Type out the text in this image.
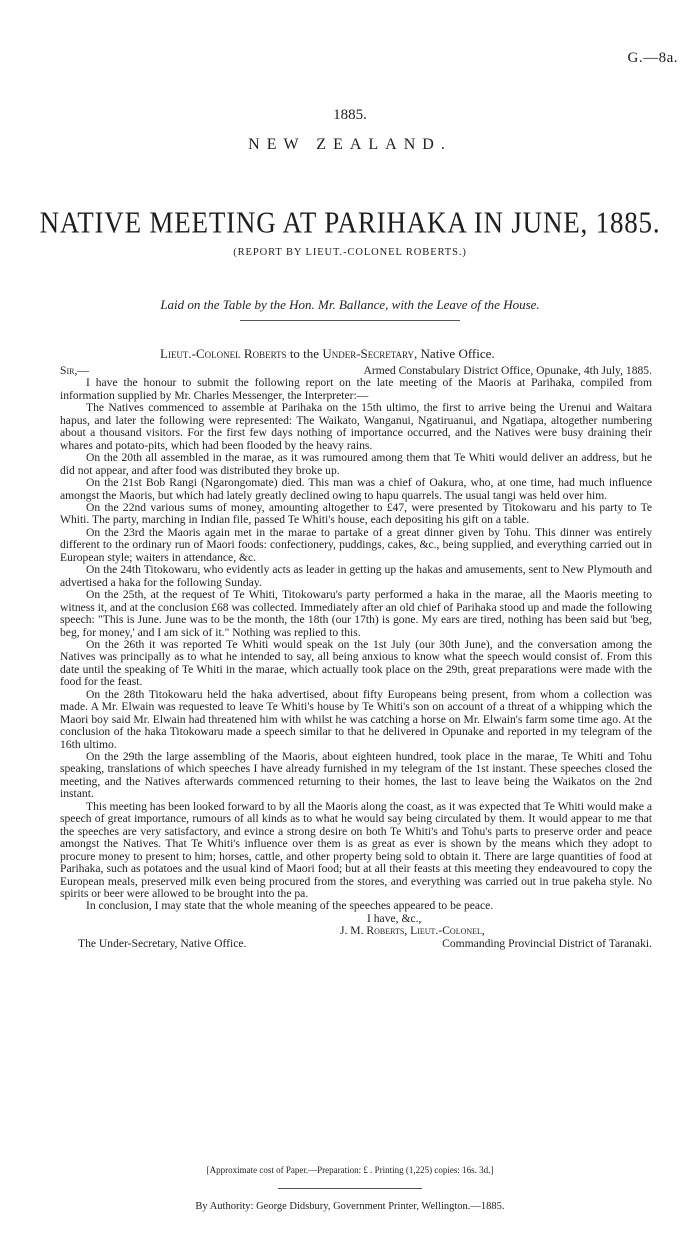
G.—8a.
1885.
NEW ZEALAND.
NATIVE MEETING AT PARIHAKA IN JUNE, 1885.
(REPORT BY LIEUT.-COLONEL ROBERTS.)
Laid on the Table by the Hon. Mr. Ballance, with the Leave of the House.
Lieut.-Colonel Roberts to the Under-Secretary, Native Office.
Sir,—	Armed Constabulary District Office, Opunake, 4th July, 1885.

I have the honour to submit the following report on the late meeting of the Maoris at Parihaka, compiled from information supplied by Mr. Charles Messenger, the Interpreter:—

The Natives commenced to assemble at Parihaka on the 15th ultimo, the first to arrive being the Urenui and Waitara hapus, and later the following were represented: The Waikato, Wanganui, Ngatiruanui, and Ngatiapa, altogether numbering about a thousand visitors. For the first few days nothing of importance occurred, and the Natives were busy draining their whares and potato-pits, which had been flooded by the heavy rains.

On the 20th all assembled in the marae, as it was rumoured among them that Te Whiti would deliver an address, but he did not appear, and after food was distributed they broke up.

On the 21st Bob Rangi (Ngarongomate) died. This man was a chief of Oakura, who, at one time, had much influence amongst the Maoris, but which had lately greatly declined owing to hapu quarrels. The usual tangi was held over him.

On the 22nd various sums of money, amounting altogether to £47, were presented by Titokowaru and his party to Te Whiti. The party, marching in Indian file, passed Te Whiti's house, each depositing his gift on a table.

On the 23rd the Maoris again met in the marae to partake of a great dinner given by Tohu. This dinner was entirely different to the ordinary run of Maori foods: confectionery, puddings, cakes, &c., being supplied, and everything carried out in European style; waiters in attendance, &c.

On the 24th Titokowaru, who evidently acts as leader in getting up the hakas and amusements, sent to New Plymouth and advertised a haka for the following Sunday.

On the 25th, at the request of Te Whiti, Titokowaru's party performed a haka in the marae, all the Maoris meeting to witness it, and at the conclusion £68 was collected. Immediately after an old chief of Parihaka stood up and made the following speech: "This is June. June was to be the month, the 18th (our 17th) is gone. My ears are tired, nothing has been said but 'beg, beg, for money,' and I am sick of it." Nothing was replied to this.

On the 26th it was reported Te Whiti would speak on the 1st July (our 30th June), and the conversation among the Natives was principally as to what he intended to say, all being anxious to know what the speech would consist of. From this date until the speaking of Te Whiti in the marae, which actually took place on the 29th, great preparations were made with the food for the feast.

On the 28th Titokowaru held the haka advertised, about fifty Europeans being present, from whom a collection was made. A Mr. Elwain was requested to leave Te Whiti's house by Te Whiti's son on account of a threat of a whipping which the Maori boy said Mr. Elwain had threatened him with whilst he was catching a horse on Mr. Elwain's farm some time ago. At the conclusion of the haka Titokowaru made a speech similar to that he delivered in Opunake and reported in my telegram of the 16th ultimo.

On the 29th the large assembling of the Maoris, about eighteen hundred, took place in the marae, Te Whiti and Tohu speaking, translations of which speeches I have already furnished in my telegram of the 1st instant. These speeches closed the meeting, and the Natives afterwards commenced returning to their homes, the last to leave being the Waikatos on the 2nd instant.

This meeting has been looked forward to by all the Maoris along the coast, as it was expected that Te Whiti would make a speech of great importance, rumours of all kinds as to what he would say being circulated by them. It would appear to me that the speeches are very satisfactory, and evince a strong desire on both Te Whiti's and Tohu's parts to preserve order and peace amongst the Natives. That Te Whiti's influence over them is as great as ever is shown by the means which they adopt to procure money to present to him; horses, cattle, and other property being sold to obtain it. There are large quantities of food at Parihaka, such as potatoes and the usual kind of Maori food; but at all their feasts at this meeting they endeavoured to copy the European meals, preserved milk even being procured from the stores, and everything was carried out in true pakeha style. No spirits or beer were allowed to be brought into the pa.

In conclusion, I may state that the whole meaning of the speeches appeared to be peace.

I have, &c.,
J. M. Roberts, Lieut.-Colonel,
The Under-Secretary, Native Office.	Commanding Provincial District of Taranaki.
[Approximate cost of Paper.—Preparation: £ . Printing (1,225) copies: 16s. 3d.]
By Authority: George Didsbury, Government Printer, Wellington.—1885.
